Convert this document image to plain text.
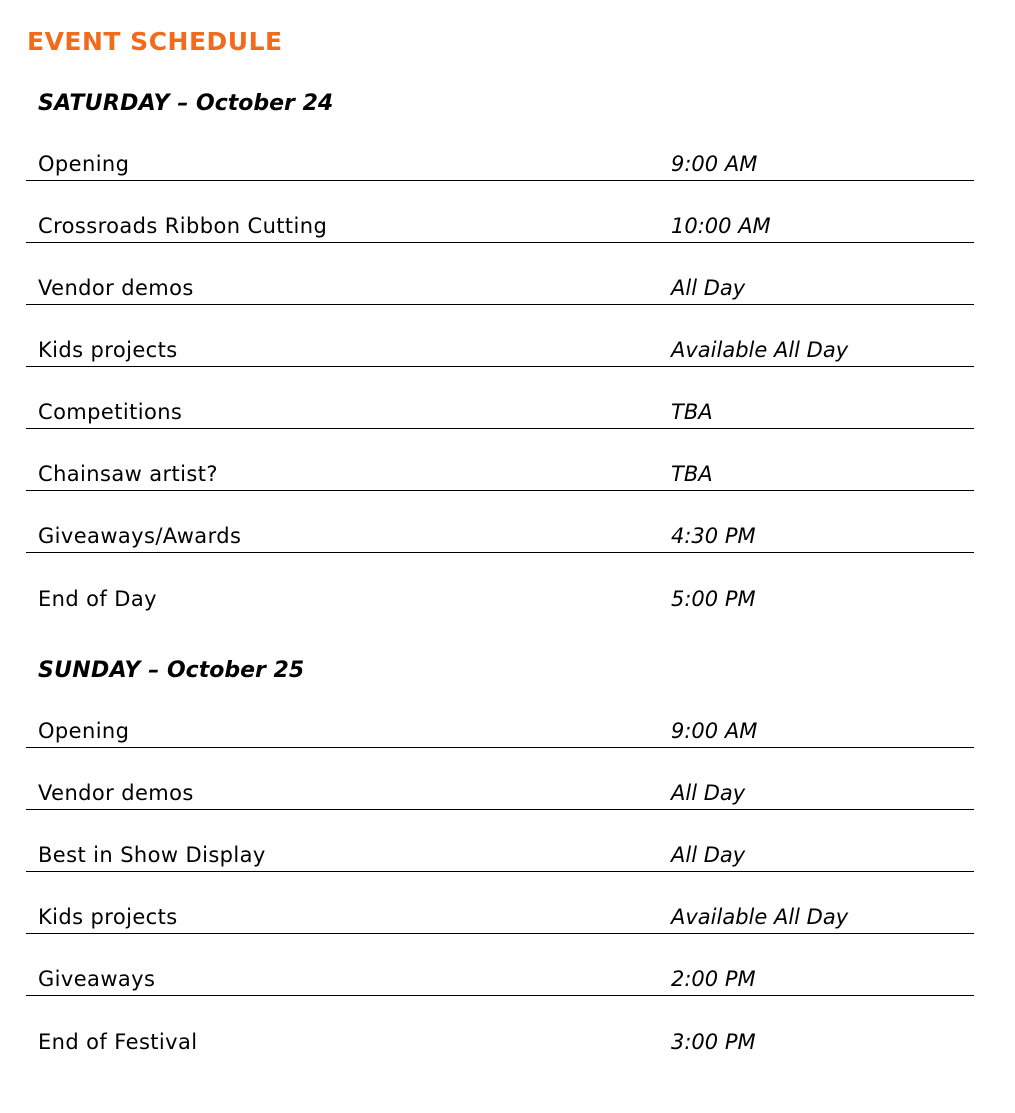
EVENT SCHEDULE
SATURDAY – October 24
Opening	9:00 AM
Crossroads Ribbon Cutting	10:00 AM
Vendor demos	All Day
Kids projects	Available All Day
Competitions	TBA
Chainsaw artist?	TBA
Giveaways/Awards	4:30 PM
End of Day	5:00 PM
SUNDAY – October 25
Opening	9:00 AM
Vendor demos	All Day
Best in Show Display	All Day
Kids projects	Available All Day
Giveaways	2:00 PM
End of Festival	3:00 PM
